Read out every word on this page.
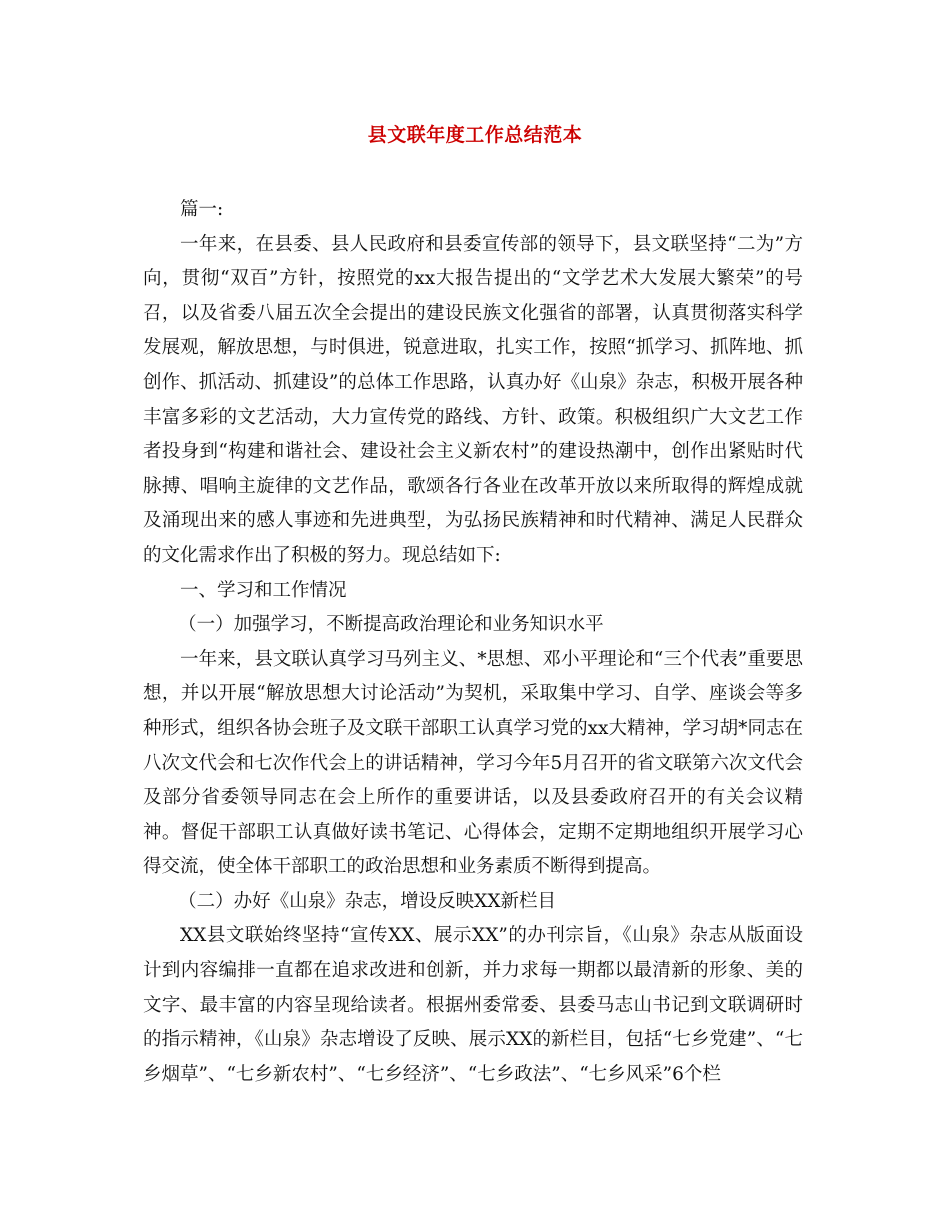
县文联年度工作总结范本

篇一:

一年来，在县委、县人民政府和县委宣传部的领导下，县文联坚持“二为”方向，贯彻“双百”方针，按照党的xx大报告提出的“文学艺术大发展大繁荣”的号召，以及省委八届五次全会提出的建设民族文化强省的部署，认真贯彻落实科学发展观，解放思想，与时俱进，锐意进取，扎实工作，按照“抓学习、抓阵地、抓创作、抓活动、抓建设”的总体工作思路，认真办好《山泉》杂志，积极开展各种丰富多彩的文艺活动，大力宣传党的路线、方针、政策。积极组织广大文艺工作者投身到“构建和谐社会、建设社会主义新农村”的建设热潮中，创作出紧贴时代脉搏、唱响主旋律的文艺作品，歌颂各行各业在改革开放以来所取得的辉煌成就及涌现出来的感人事迹和先进典型，为弘扬民族精神和时代精神、满足人民群众的文化需求作出了积极的努力。现总结如下:

一、学习和工作情况

（一）加强学习，不断提高政治理论和业务知识水平

一年来，县文联认真学习马列主义、*思想、邓小平理论和“三个代表”重要思想，并以开展“解放思想大讨论活动”为契机，采取集中学习、自学、座谈会等多种形式，组织各协会班子及文联干部职工认真学习党的xx大精神，学习胡*同志在八次文代会和七次作代会上的讲话精神，学习今年5月召开的省文联第六次文代会及部分省委领导同志在会上所作的重要讲话，以及县委政府召开的有关会议精神。督促干部职工认真做好读书笔记、心得体会，定期不定期地组织开展学习心得交流，使全体干部职工的政治思想和业务素质不断得到提高。

（二）办好《山泉》杂志，增设反映XX新栏目

XX县文联始终坚持“宣传XX、展示XX”的办刊宗旨，《山泉》杂志从版面设计到内容编排一直都在追求改进和创新，并力求每一期都以最清新的形象、美的文字、最丰富的内容呈现给读者。根据州委常委、县委马志山书记到文联调研时的指示精神，《山泉》杂志增设了反映、展示XX的新栏目，包括“七乡党建”、“七乡烟草”、“七乡新农村”、“七乡经济”、“七乡政法”、“七乡风采”6个栏
